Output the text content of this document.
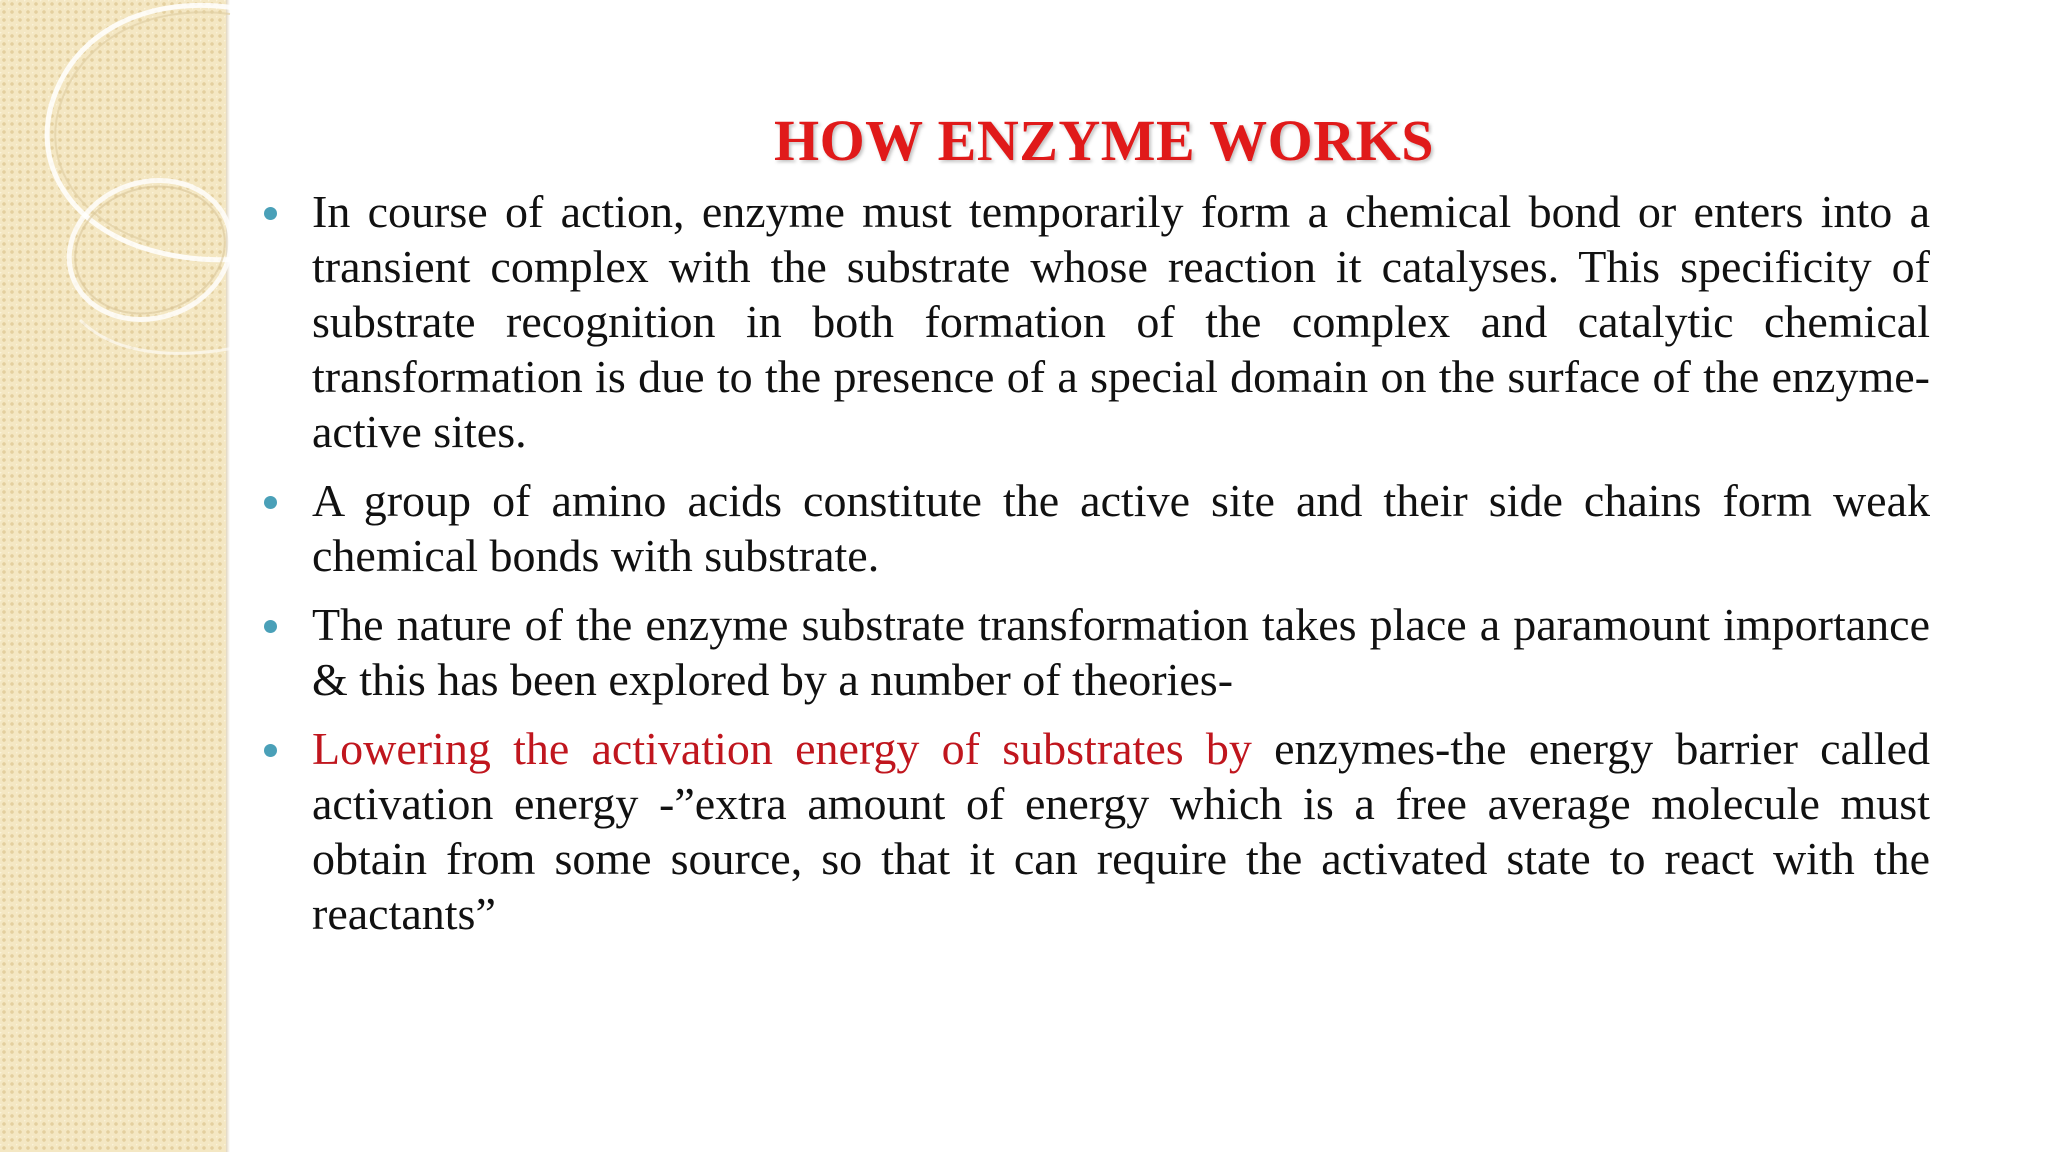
HOW ENZYME WORKS
In course of action, enzyme must temporarily form a chemical bond or enters into a transient complex with the substrate whose reaction it catalyses. This specificity of substrate recognition in both formation of the complex and catalytic chemical transformation is due to the presence of a special domain on the surface of the enzyme-active sites.
A group of amino acids constitute the active site and their side chains form weak chemical bonds with substrate.
The nature of the enzyme substrate transformation takes place a paramount importance & this has been explored by a number of theories-
Lowering the activation energy of substrates by enzymes-the energy barrier called activation energy -”extra amount of energy which is a free average molecule must obtain from some source, so that it can require the activated state to react with the reactants”
